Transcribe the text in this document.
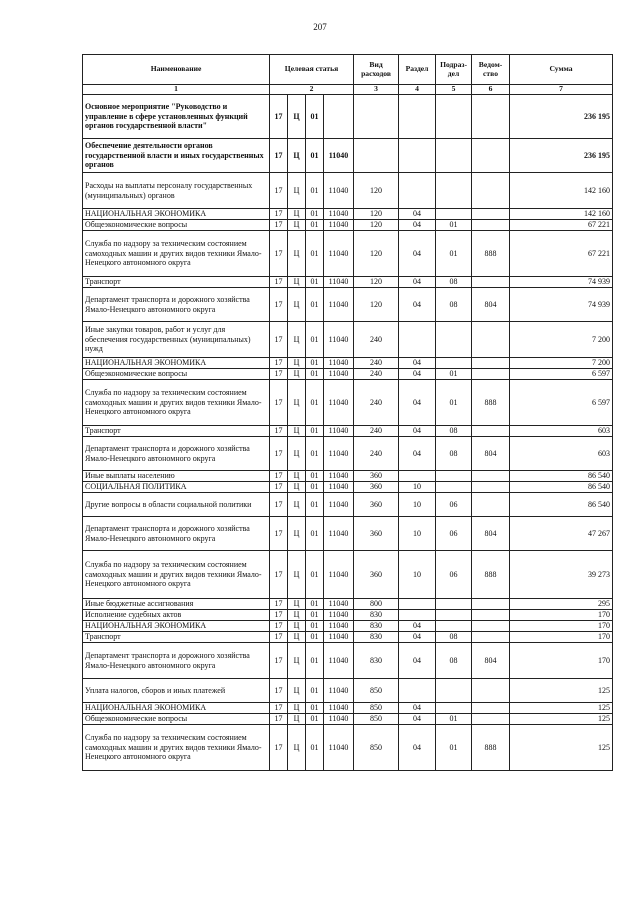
207
Наименование	Целевая статья				Вид расходов	Раздел	Подраз-дел	Ведом-ство	Сумма
1	2				3	4	5	6	7
Основное мероприятие "Руководство и управление в сфере установленных функций органов государственной власти"	17	Ц	01						236 195
Обеспечение деятельности органов государственной власти и иных государственных органов	17	Ц	01	11040					236 195
Расходы на выплаты персоналу государственных (муниципальных) органов	17	Ц	01	11040	120				142 160
НАЦИОНАЛЬНАЯ ЭКОНОМИКА	17	Ц	01	11040	120	04			142 160
Общеэкономические вопросы	17	Ц	01	11040	120	04	01		67 221
Служба по надзору за техническим состоянием самоходных машин и других видов техники Ямало-Ненецкого автономного округа	17	Ц	01	11040	120	04	01	888	67 221
Транспорт	17	Ц	01	11040	120	04	08		74 939
Департамент транспорта и дорожного хозяйства Ямало-Ненецкого автономного округа	17	Ц	01	11040	120	04	08	804	74 939
Иные закупки товаров, работ и услуг для обеспечения государственных (муниципальных) нужд	17	Ц	01	11040	240				7 200
НАЦИОНАЛЬНАЯ ЭКОНОМИКА	17	Ц	01	11040	240	04			7 200
Общеэкономические вопросы	17	Ц	01	11040	240	04	01		6 597
Служба по надзору за техническим состоянием самоходных машин и других видов техники Ямало-Ненецкого автономного округа	17	Ц	01	11040	240	04	01	888	6 597
Транспорт	17	Ц	01	11040	240	04	08		603
Департамент транспорта и дорожного хозяйства Ямало-Ненецкого автономного округа	17	Ц	01	11040	240	04	08	804	603
Иные выплаты населению	17	Ц	01	11040	360				86 540
СОЦИАЛЬНАЯ ПОЛИТИКА	17	Ц	01	11040	360	10			86 540
Другие вопросы в области социальной политики	17	Ц	01	11040	360	10	06		86 540
Департамент транспорта и дорожного хозяйства Ямало-Ненецкого автономного округа	17	Ц	01	11040	360	10	06	804	47 267
Служба по надзору за техническим состоянием самоходных машин и других видов техники Ямало-Ненецкого автономного округа	17	Ц	01	11040	360	10	06	888	39 273
Иные бюджетные ассигнования	17	Ц	01	11040	800				295
Исполнение судебных актов	17	Ц	01	11040	830				170
НАЦИОНАЛЬНАЯ ЭКОНОМИКА	17	Ц	01	11040	830	04			170
Транспорт	17	Ц	01	11040	830	04	08		170
Департамент транспорта и дорожного хозяйства Ямало-Ненецкого автономного округа	17	Ц	01	11040	830	04	08	804	170
Уплата налогов, сборов и иных платежей	17	Ц	01	11040	850				125
НАЦИОНАЛЬНАЯ ЭКОНОМИКА	17	Ц	01	11040	850	04			125
Общеэкономические вопросы	17	Ц	01	11040	850	04	01		125
Служба по надзору за техническим состоянием самоходных машин и других видов техники Ямало-Ненецкого автономного округа	17	Ц	01	11040	850	04	01	888	125
